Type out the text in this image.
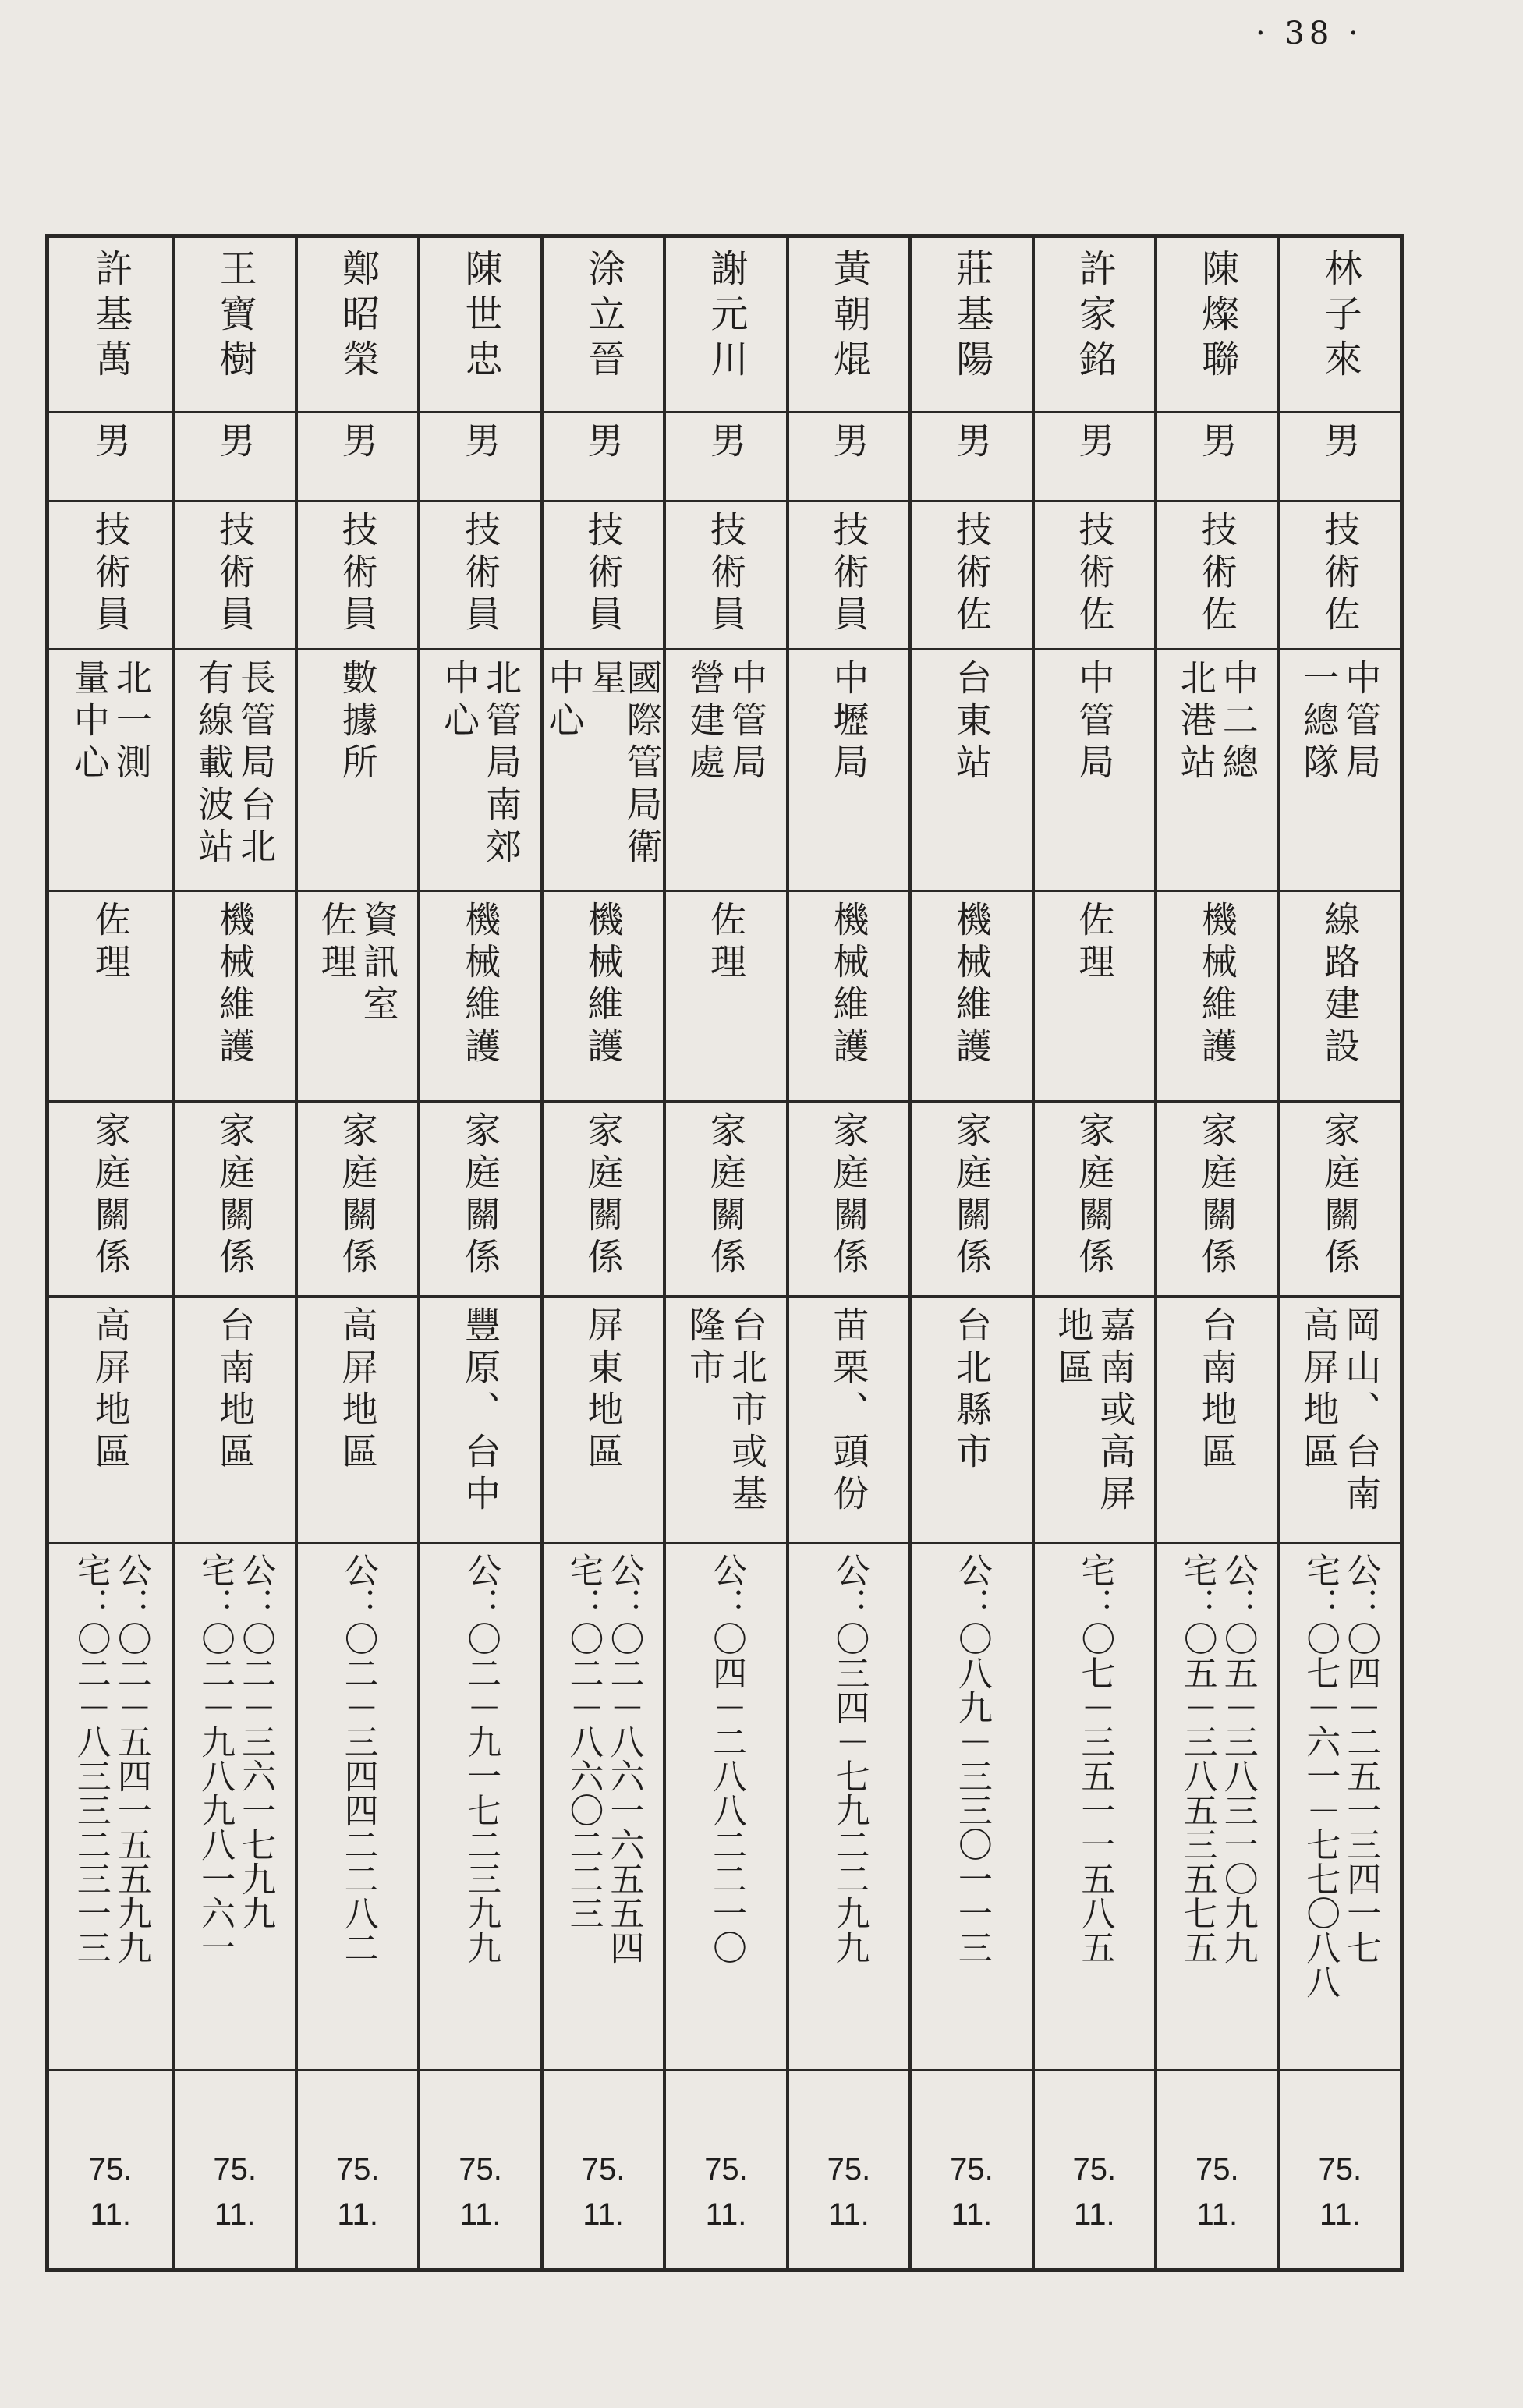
· 38 ·
林子來
男
技術佐
中管局
一總隊
線路建設
家庭關係
岡山、台南
高屏地區
公：〇四－二五一三四一七
宅：〇七－六一－七七〇八八
75.
11.
陳燦聯
男
技術佐
中二總
北港站
機械維護
家庭關係
台南地區
公：〇五－三八三一〇九九
宅：〇五－三八五三五七五
75.
11.
許家銘
男
技術佐
中管局
佐理
家庭關係
嘉南或高屏
地區
宅：〇七－三五一一五八五
75.
11.
莊基陽
男
技術佐
台東站
機械維護
家庭關係
台北縣市
公：〇八九－三三〇一一三
75.
11.
黃朝焜
男
技術員
中壢局
機械維護
家庭關係
苗栗、頭份
公：〇三四－七九二二九九
75.
11.
謝元川
男
技術員
中管局
營建處
佐理
家庭關係
台北市或基
隆市
公：〇四－二八八二二一〇
75.
11.
涂立晉
男
技術員
國際管局衛星
中心
機械維護
家庭關係
屏東地區
公：〇二－八六一六五五四
宅：〇二－八六〇二二三
75.
11.
陳世忠
男
技術員
北管局南郊
中心
機械維護
家庭關係
豐原、台中
公：〇二－九一七二三九九
75.
11.
鄭昭榮
男
技術員
數據所
資訊室
佐理
家庭關係
高屏地區
公：〇二－三四四二二八二
75.
11.
王寶樹
男
技術員
長管局台北
有線載波站
機械維護
家庭關係
台南地區
公：〇二－三六一七九九
宅：〇二－九八九八一六一
75.
11.
許基萬
男
技術員
北一測
量中心
佐理
家庭關係
高屏地區
公：〇二－五四一五五九九
宅：〇二－八三三二三一三
75.
11.
